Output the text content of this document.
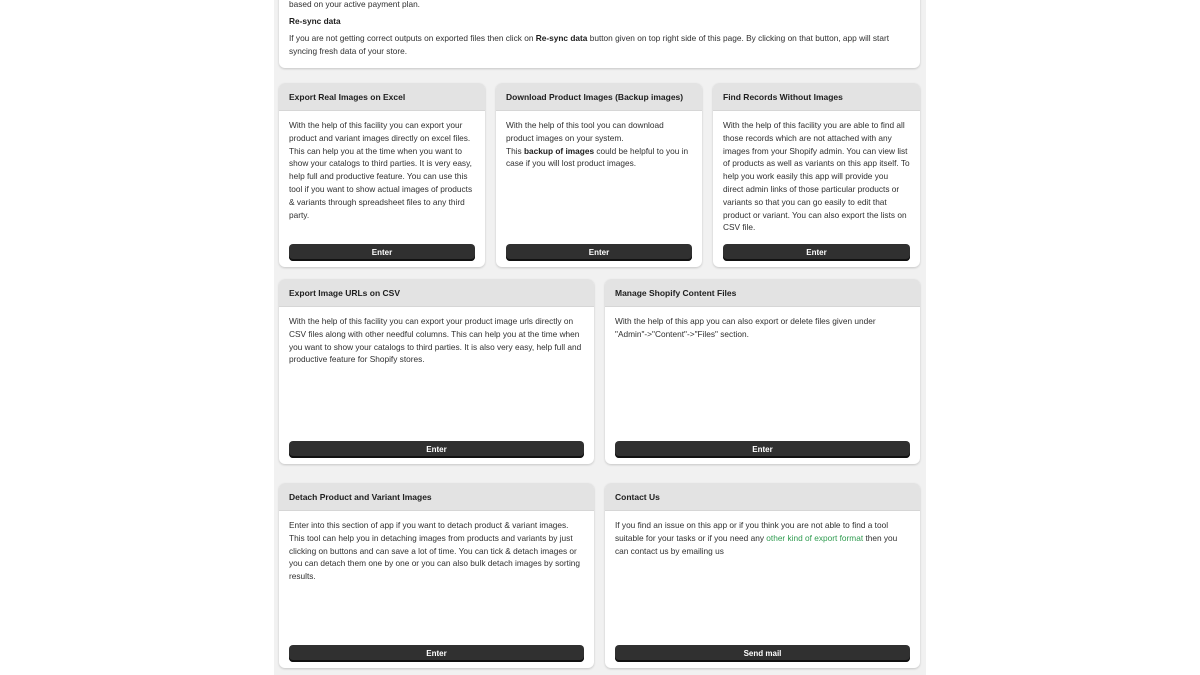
based on your active payment plan.
Re-sync data
If you are not getting correct outputs on exported files then click on Re-sync data button given on top right side of this page. By clicking on that button, app will start syncing fresh data of your store.
Export Real Images on Excel
With the help of this facility you can export your product and variant images directly on excel files. This can help you at the time when you want to show your catalogs to third parties. It is very easy, help full and productive feature. You can use this tool if you want to show actual images of products & variants through spreadsheet files to any third party.
Enter
Download Product Images (Backup images)
With the help of this tool you can download product images on your system.
This backup of images could be helpful to you in case if you will lost product images.
Enter
Find Records Without Images
With the help of this facility you are able to find all those records which are not attached with any images from your Shopify admin. You can view list of products as well as variants on this app itself. To help you work easily this app will provide you direct admin links of those particular products or variants so that you can go easily to edit that product or variant. You can also export the lists on CSV file.
Enter
Export Image URLs on CSV
With the help of this facility you can export your product image urls directly on CSV files along with other needful columns. This can help you at the time when you want to show your catalogs to third parties. It is also very easy, help full and productive feature for Shopify stores.
Enter
Manage Shopify Content Files
With the help of this app you can also export or delete files given under "Admin"->"Content"->"Files" section.
Enter
Detach Product and Variant Images
Enter into this section of app if you want to detach product & variant images. This tool can help you in detaching images from products and variants by just clicking on buttons and can save a lot of time. You can tick & detach images or you can detach them one by one or you can also bulk detach images by sorting results.
Enter
Contact Us
If you find an issue on this app or if you think you are not able to find a tool suitable for your tasks or if you need any other kind of export format then you can contact us by emailing us
Send mail
